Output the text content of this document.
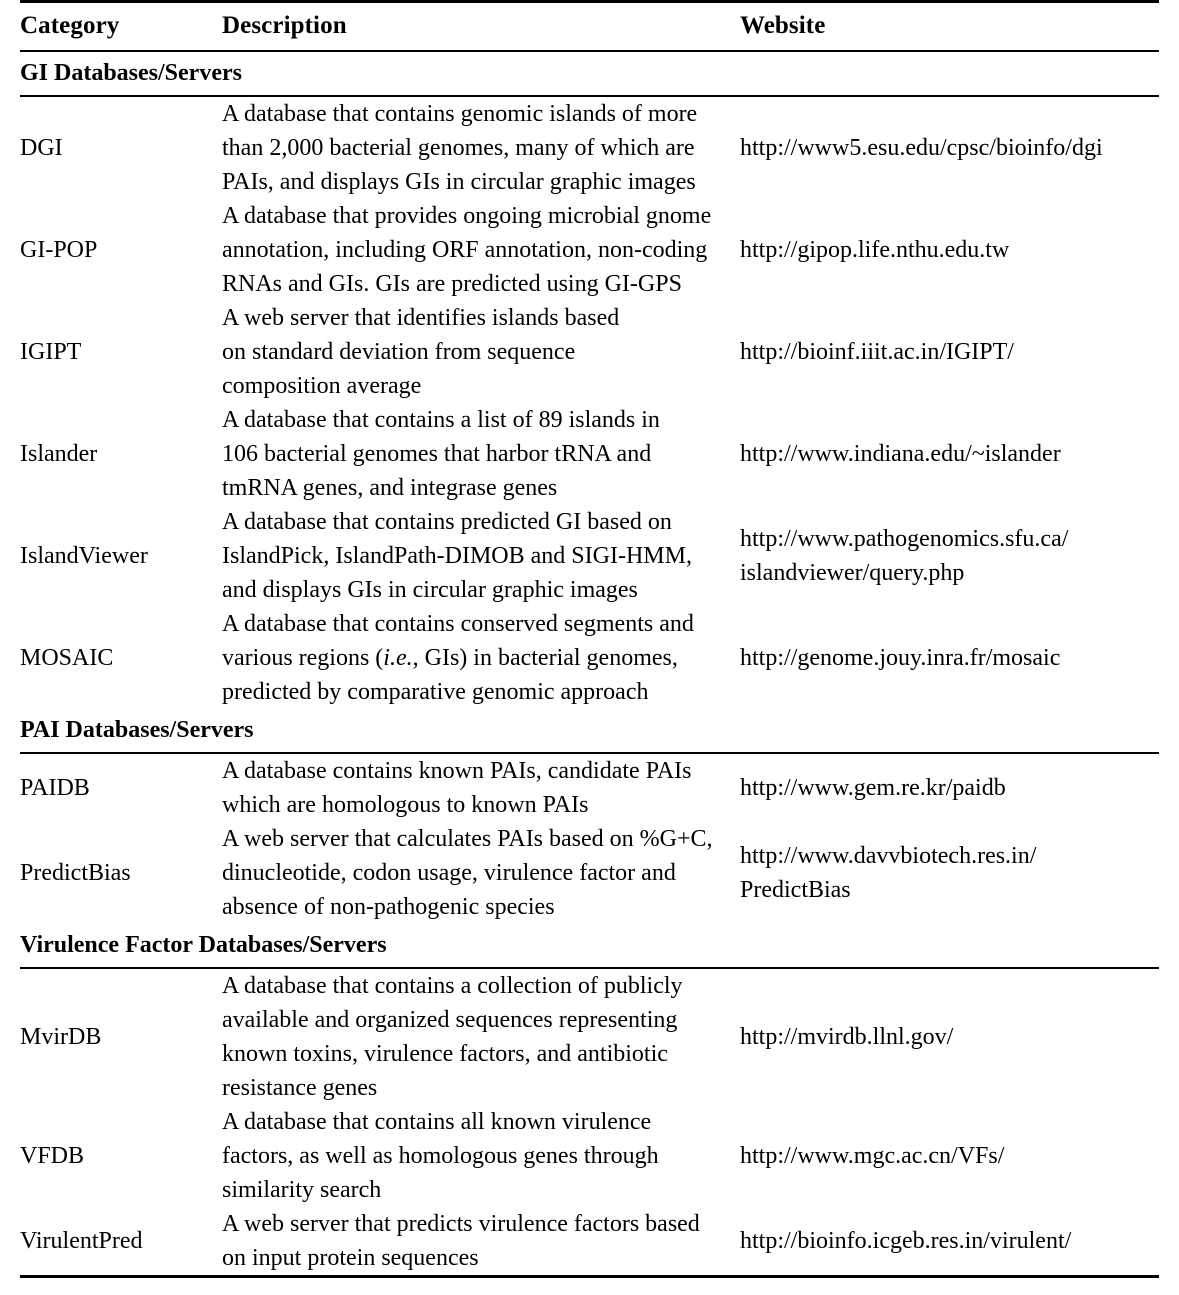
Category	Description	Website
GI Databases/Servers		
DGI	A database that contains genomic islands of more
than 2,000 bacterial genomes, many of which are
PAIs, and displays GIs in circular graphic images	http://www5.esu.edu/cpsc/bioinfo/dgi

GI-POP	A database that provides ongoing microbial gnome
annotation, including ORF annotation, non-coding
RNAs and GIs. GIs are predicted using GI-GPS	http://gipop.life.nthu.edu.tw

IGIPT	A web server that identifies islands based
on standard deviation from sequence
composition average	http://bioinf.iiit.ac.in/IGIPT/

Islander	A database that contains a list of 89 islands in
106 bacterial genomes that harbor tRNA and
tmRNA genes, and integrase genes	http://www.indiana.edu/~islander

IslandViewer	A database that contains predicted GI based on
IslandPick, IslandPath-DIMOB and SIGI-HMM,
and displays GIs in circular graphic images	http://www.pathogenomics.sfu.ca/
islandviewer/query.php

MOSAIC	A database that contains conserved segments and
various regions (i.e., GIs) in bacterial genomes,
predicted by comparative genomic approach	http://genome.jouy.inra.fr/mosaic

PAI Databases/Servers		
PAIDB	A database contains known PAIs, candidate PAIs
which are homologous to known PAIs	http://www.gem.re.kr/paidb

PredictBias	A web server that calculates PAIs based on %G+C,
dinucleotide, codon usage, virulence factor and
absence of non-pathogenic species	http://www.davvbiotech.res.in/
PredictBias

Virulence Factor Databases/Servers		
MvirDB	A database that contains a collection of publicly
available and organized sequences representing
known toxins, virulence factors, and antibiotic
resistance genes	http://mvirdb.llnl.gov/

VFDB	A database that contains all known virulence
factors, as well as homologous genes through
similarity search	http://www.mgc.ac.cn/VFs/

VirulentPred	A web server that predicts virulence factors based
on input protein sequences	http://bioinfo.icgeb.res.in/virulent/
